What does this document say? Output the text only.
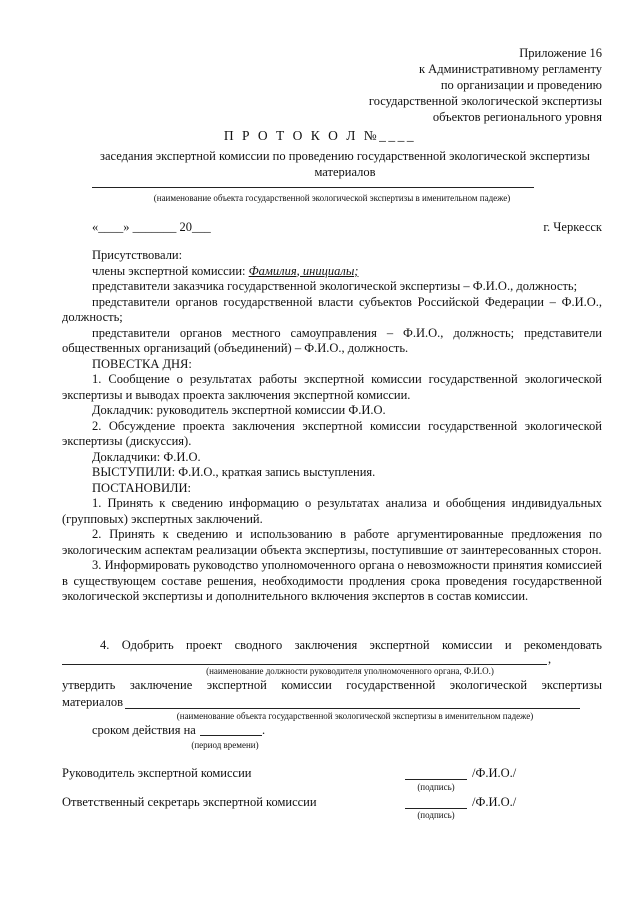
Приложение 16
к Административному регламенту
по организации и проведению
государственной экологической экспертизы
объектов регионального уровня
П Р О Т О К О Л №____
заседания экспертной комиссии по проведению государственной экологической экспертизы материалов
(наименование объекта государственной экологической экспертизы в именительном падеже)
«____» _______ 20___	г. Черкесск

Присутствовали:

члены экспертной комиссии: Фамилия, инициалы;

представители заказчика государственной экологической экспертизы – Ф.И.О., должность;

представители органов государственной власти субъектов Российской Федерации – Ф.И.О., должность;

представители органов местного самоуправления – Ф.И.О., должность; представители общественных организаций (объединений) – Ф.И.О., должность.

ПОВЕСТКА ДНЯ:

1. Сообщение о результатах работы экспертной комиссии государственной экологической экспертизы и выводах проекта заключения экспертной комиссии.

Докладчик: руководитель экспертной комиссии Ф.И.О.

2. Обсуждение проекта заключения экспертной комиссии государственной экологической экспертизы (дискуссия).

Докладчики: Ф.И.О.

ВЫСТУПИЛИ: Ф.И.О., краткая запись выступления.

ПОСТАНОВИЛИ:

1. Принять к сведению информацию о результатах анализа и обобщения индивидуальных (групповых) экспертных заключений.

2. Принять к сведению и использованию в работе аргументированные предложения по экологическим аспектам реализации объекта экспертизы, поступившие от заинтересованных сторон.

3. Информировать руководство уполномоченного органа о невозможности принятия комиссией в существующем составе решения, необходимости продления срока проведения государственной экологической экспертизы и дополнительного включения экспертов в состав комиссии.

4. Одобрить проект сводного заключения экспертной комиссии и рекомендовать
,
(наименование должности руководителя уполномоченного органа, Ф.И.О.)
утвердить заключение экспертной комиссии государственной экологической экспертизы
материалов
(наименование объекта государственной экологической экспертизы в именительном падеже)
сроком действия на	.
(период времени)
Руководитель экспертной комиссии	/Ф.И.О./
(подпись)
Ответственный секретарь экспертной комиссии	/Ф.И.О./
(подпись)
